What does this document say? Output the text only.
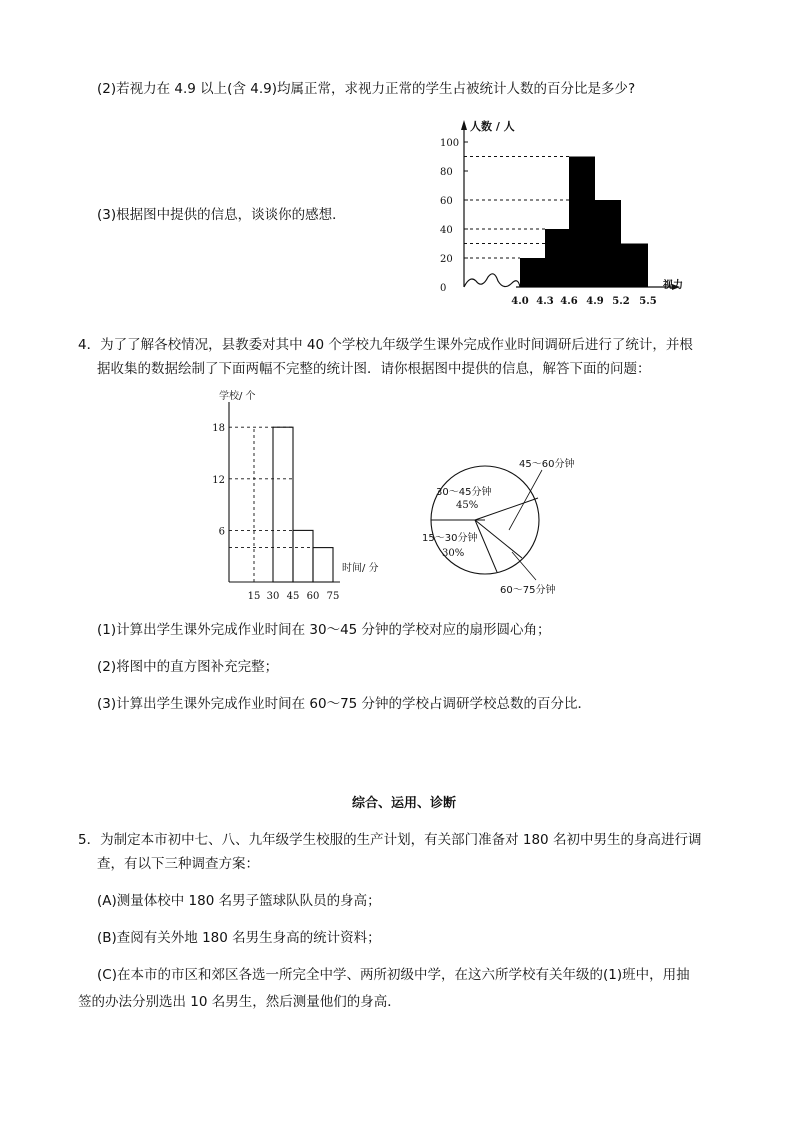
(2)若视力在 4.9 以上(含 4.9)均属正常，求视力正常的学生占被统计人数的百分比是多少?
0
20
40
60
80
100
4.0 4.3 4.6 4.9 5.2 5.5
人数 / 人
视力
(3)根据图中提供的信息，谈谈你的感想．
4．为了了解各校情况，县教委对其中 40 个学校九年级学生课外完成作业时间调研后进行了统计，并根
据收集的数据绘制了下面两幅不完整的统计图．请你根据图中提供的信息，解答下面的问题：
6
12
18
15 30 45 60 75
学校/ 个
时间/ 分
30～45分钟
45%
45～60分钟
60～75分钟
15～30分钟
30%
(1)计算出学生课外完成作业时间在 30～45 分钟的学校对应的扇形圆心角；
(2)将图中的直方图补充完整；
(3)计算出学生课外完成作业时间在 60～75 分钟的学校占调研学校总数的百分比．
综合、运用、诊断
5．为制定本市初中七、八、九年级学生校服的生产计划，有关部门准备对 180 名初中男生的身高进行调
查，有以下三种调查方案：
(A)测量体校中 180 名男子篮球队队员的身高；
(B)查阅有关外地 180 名男生身高的统计资料；
(C)在本市的市区和郊区各选一所完全中学、两所初级中学，在这六所学校有关年级的(1)班中，用抽
签的办法分别选出 10 名男生，然后测量他们的身高．
